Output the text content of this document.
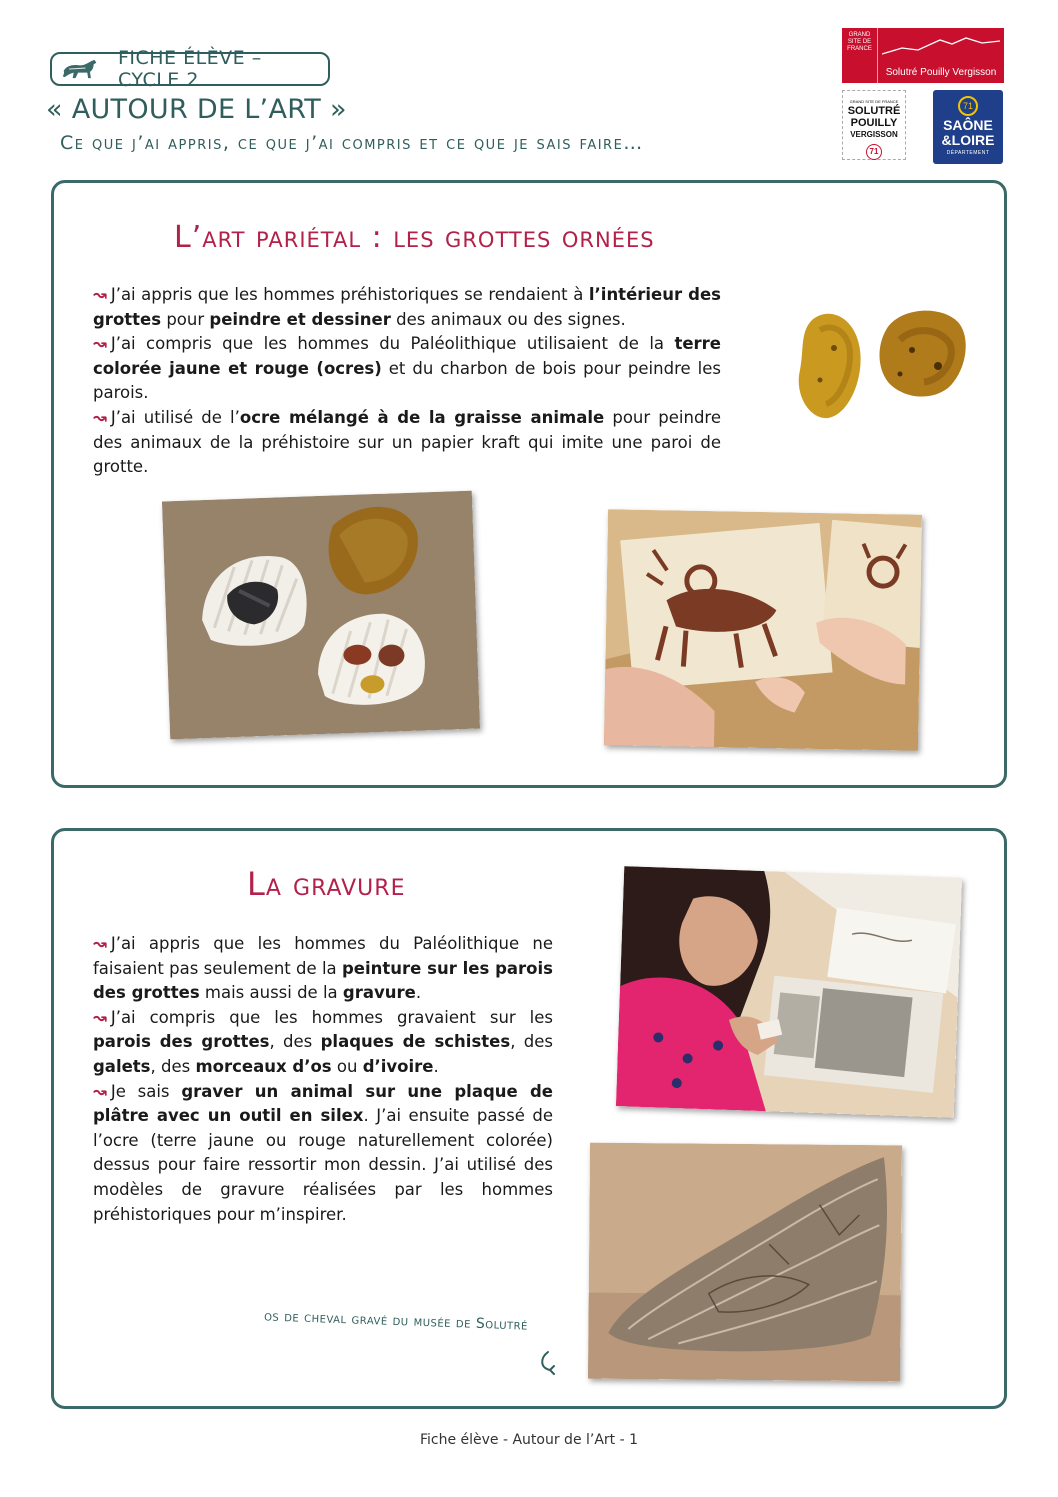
FICHE ÉLÈVE – CYCLE 2
« AUTOUR DE L’ART »
Ce que j’ai appris, ce que j’ai compris et ce que je sais faire…
GRAND SITE DE FRANCE
Solutré Pouilly Vergisson
GRAND SITE DE FRANCE
SOLUTRÉ
POUILLY
VERGISSON
71
71
SAÔNE
&LOIRE
DÉPARTEMENT
L’art pariétal : les grottes ornées

↝ J’ai appris que les hommes préhistoriques se rendaient à l’intérieur des grottes pour peindre et dessiner des animaux ou des signes.

↝ J’ai compris que les hommes du Paléolithique utilisaient de la terre colorée jaune et rouge (ocres) et du charbon de bois pour peindre les parois.

↝ J’ai utilisé de l’ocre mélangé à de la graisse animale pour peindre des animaux de la préhistoire sur un papier kraft qui imite une paroi de grotte.

La gravure

↝ J’ai appris que les hommes du Paléolithique ne faisaient pas seulement de la peinture sur les parois des grottes mais aussi de la gravure.

↝ J’ai compris que les hommes gravaient sur les parois des grottes, des plaques de schistes, des galets, des morceaux d’os ou d’ivoire.

↝ Je sais graver un animal sur une plaque de plâtre avec un outil en silex. J’ai ensuite passé de l’ocre (terre jaune ou rouge naturellement colorée) dessus pour faire ressortir mon dessin. J’ai utilisé des modèles de gravure réalisées par les hommes préhistoriques pour m’inspirer.

os de cheval gravé du musée de Solutré
Fiche élève - Autour de l’Art - 1
